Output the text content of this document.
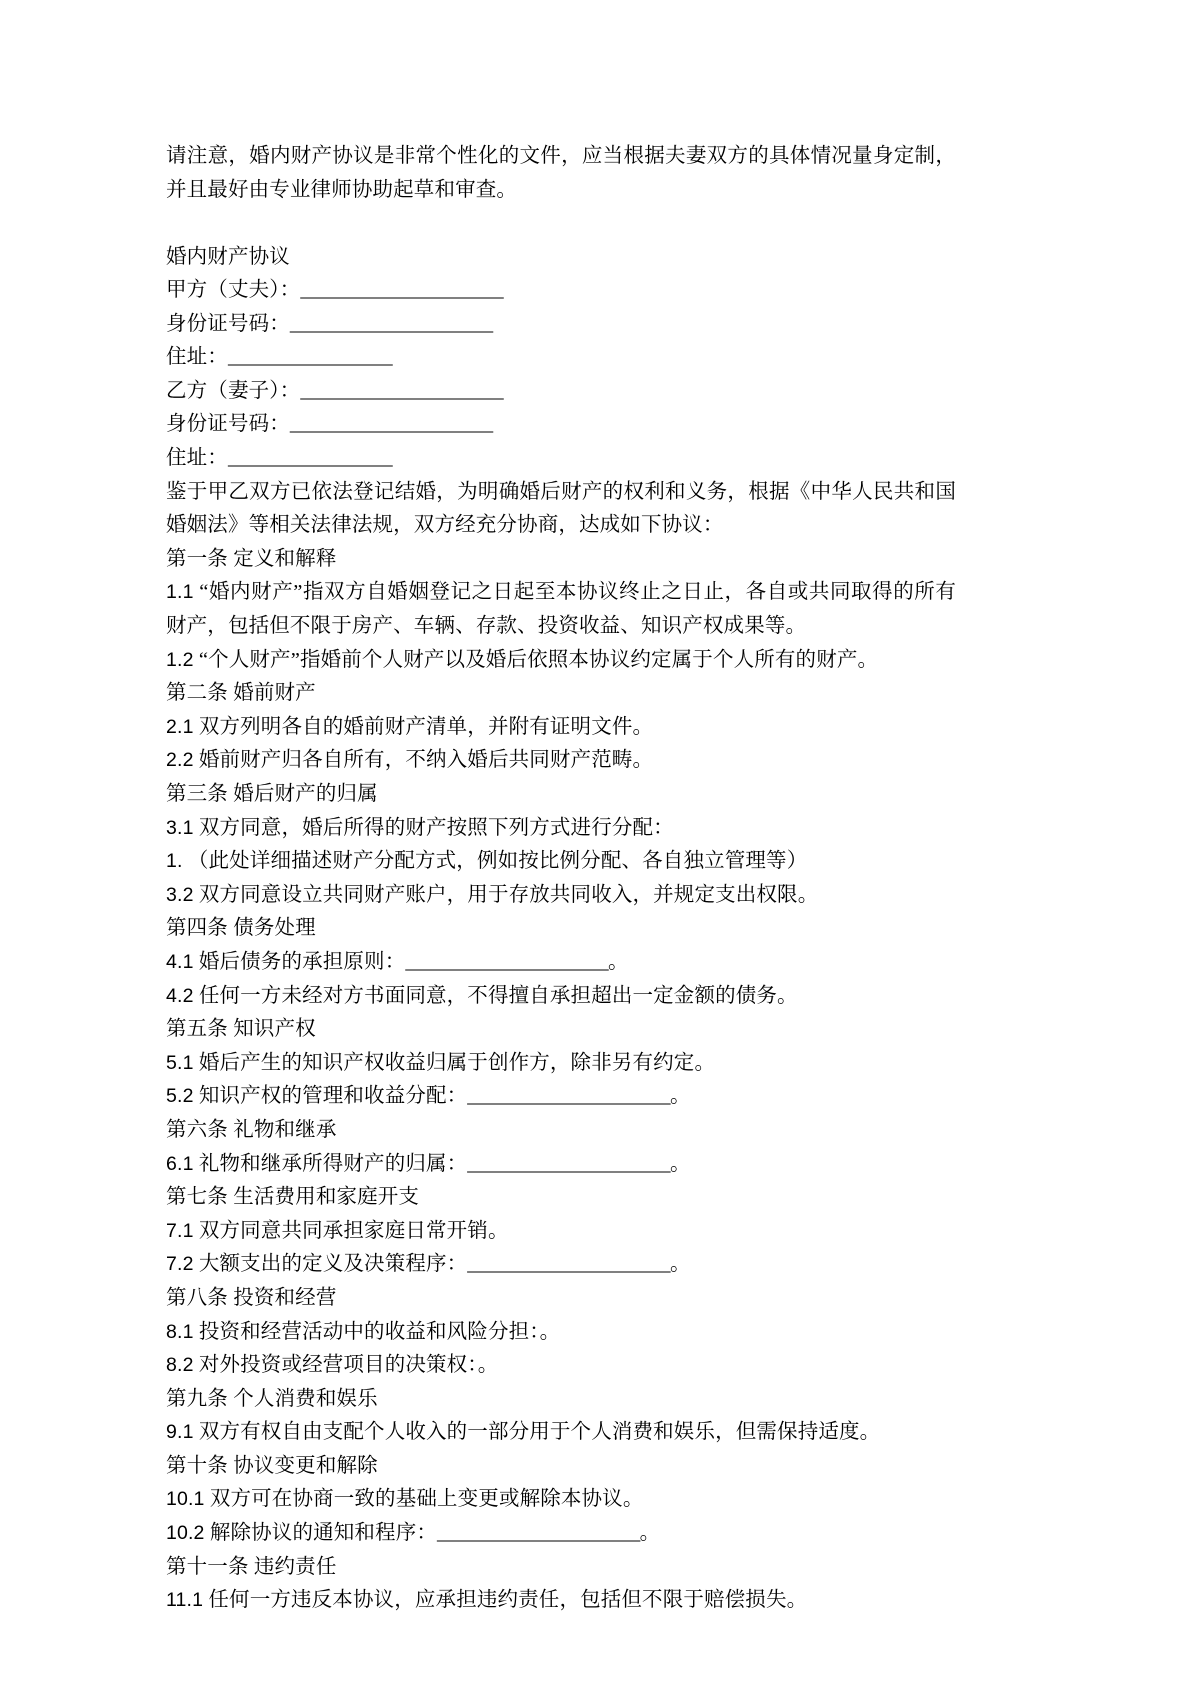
请注意，婚内财产协议是非常个性化的文件，应当根据夫妻双方的具体情况量身定制，并且最好由专业律师协助起草和审查。

婚内财产协议

甲方（丈夫）：_____________________

身份证号码：_____________________

住址：_________________

乙方（妻子）：_____________________

身份证号码：_____________________

住址：_________________

鉴于甲乙双方已依法登记结婚，为明确婚后财产的权利和义务，根据《中华人民共和国婚姻法》等相关法律法规，双方经充分协商，达成如下协议：

第一条 定义和解释

1.1 “婚内财产”指双方自婚姻登记之日起至本协议终止之日止，各自或共同取得的所有财产，包括但不限于房产、车辆、存款、投资收益、知识产权成果等。

1.2 “个人财产”指婚前个人财产以及婚后依照本协议约定属于个人所有的财产。

第二条 婚前财产

2.1 双方列明各自的婚前财产清单，并附有证明文件。

2.2 婚前财产归各自所有，不纳入婚后共同财产范畴。

第三条 婚后财产的归属

3.1 双方同意，婚后所得的财产按照下列方式进行分配：

1. （此处详细描述财产分配方式，例如按比例分配、各自独立管理等）

3.2 双方同意设立共同财产账户，用于存放共同收入，并规定支出权限。

第四条 债务处理

4.1 婚后债务的承担原则：_____________________。

4.2 任何一方未经对方书面同意，不得擅自承担超出一定金额的债务。

第五条 知识产权

5.1 婚后产生的知识产权收益归属于创作方，除非另有约定。

5.2 知识产权的管理和收益分配：_____________________。

第六条 礼物和继承

6.1 礼物和继承所得财产的归属：_____________________。

第七条 生活费用和家庭开支

7.1 双方同意共同承担家庭日常开销。

7.2 大额支出的定义及决策程序：_____________________。

第八条 投资和经营

8.1 投资和经营活动中的收益和风险分担：。

8.2 对外投资或经营项目的决策权：。

第九条 个人消费和娱乐

9.1 双方有权自由支配个人收入的一部分用于个人消费和娱乐，但需保持适度。

第十条 协议变更和解除

10.1 双方可在协商一致的基础上变更或解除本协议。

10.2 解除协议的通知和程序：_____________________。

第十一条 违约责任

11.1 任何一方违反本协议，应承担违约责任，包括但不限于赔偿损失。
